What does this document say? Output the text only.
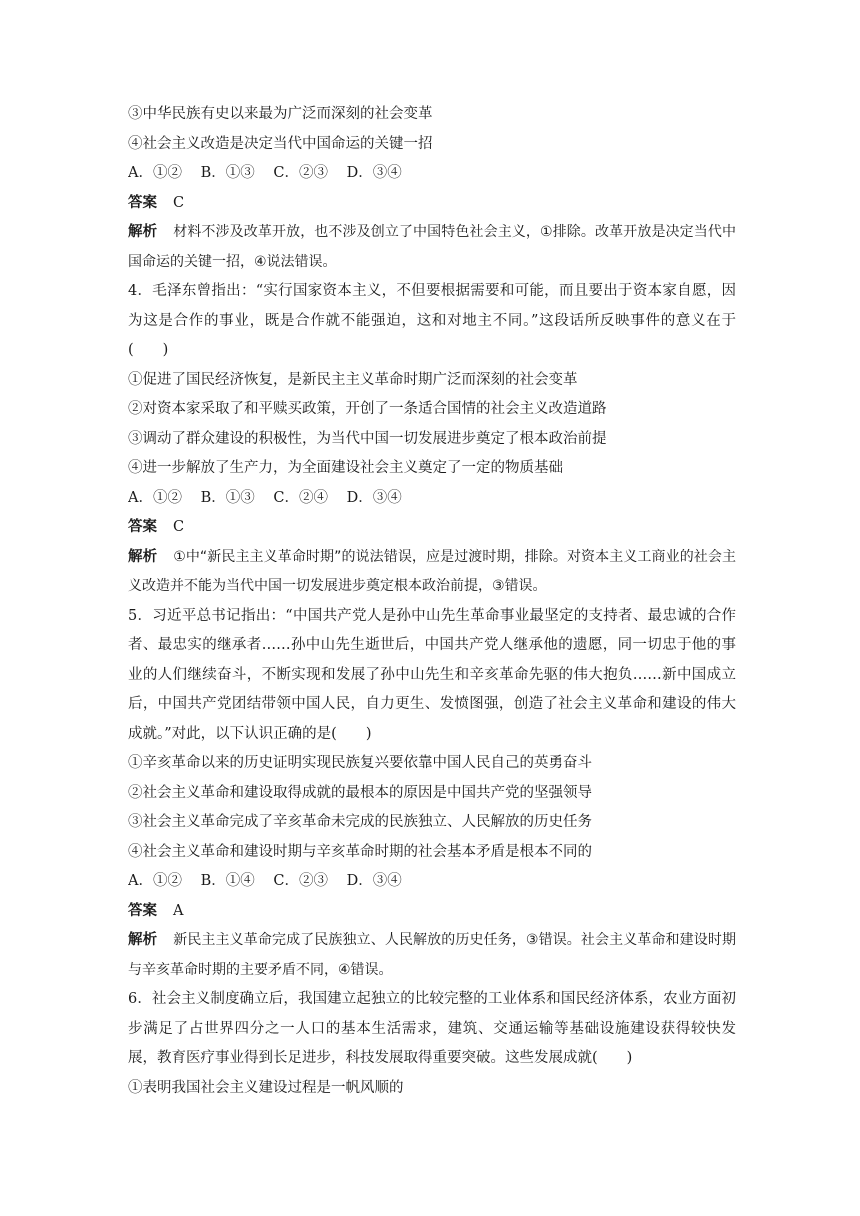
③中华民族有史以来最为广泛而深刻的社会变革
④社会主义改造是决定当代中国命运的关键一招
A．①② B．①③ C．②③ D．③④
答案 C
解析 材料不涉及改革开放，也不涉及创立了中国特色社会主义，①排除。改革开放是决定当代中国命运的关键一招，④说法错误。
4．毛泽东曾指出：“实行国家资本主义，不但要根据需要和可能，而且要出于资本家自愿，因为这是合作的事业，既是合作就不能强迫，这和对地主不同。”这段话所反映事件的意义在于(　　)
①促进了国民经济恢复，是新民主主义革命时期广泛而深刻的社会变革
②对资本家采取了和平赎买政策，开创了一条适合国情的社会主义改造道路
③调动了群众建设的积极性，为当代中国一切发展进步奠定了根本政治前提
④进一步解放了生产力，为全面建设社会主义奠定了一定的物质基础
A．①② B．①③ C．②④ D．③④
答案 C
解析 ①中“新民主主义革命时期”的说法错误，应是过渡时期，排除。对资本主义工商业的社会主义改造并不能为当代中国一切发展进步奠定根本政治前提，③错误。
5．习近平总书记指出：“中国共产党人是孙中山先生革命事业最坚定的支持者、最忠诚的合作者、最忠实的继承者……孙中山先生逝世后，中国共产党人继承他的遗愿，同一切忠于他的事业的人们继续奋斗，不断实现和发展了孙中山先生和辛亥革命先驱的伟大抱负……新中国成立后，中国共产党团结带领中国人民，自力更生、发愤图强，创造了社会主义革命和建设的伟大成就。”对此，以下认识正确的是(　　)
①辛亥革命以来的历史证明实现民族复兴要依靠中国人民自己的英勇奋斗
②社会主义革命和建设取得成就的最根本的原因是中国共产党的坚强领导
③社会主义革命完成了辛亥革命未完成的民族独立、人民解放的历史任务
④社会主义革命和建设时期与辛亥革命时期的社会基本矛盾是根本不同的
A．①② B．①④ C．②③ D．③④
答案 A
解析 新民主主义革命完成了民族独立、人民解放的历史任务，③错误。社会主义革命和建设时期与辛亥革命时期的主要矛盾不同，④错误。
6．社会主义制度确立后，我国建立起独立的比较完整的工业体系和国民经济体系，农业方面初步满足了占世界四分之一人口的基本生活需求，建筑、交通运输等基础设施建设获得较快发展，教育医疗事业得到长足进步，科技发展取得重要突破。这些发展成就(　　)
①表明我国社会主义建设过程是一帆风顺的
